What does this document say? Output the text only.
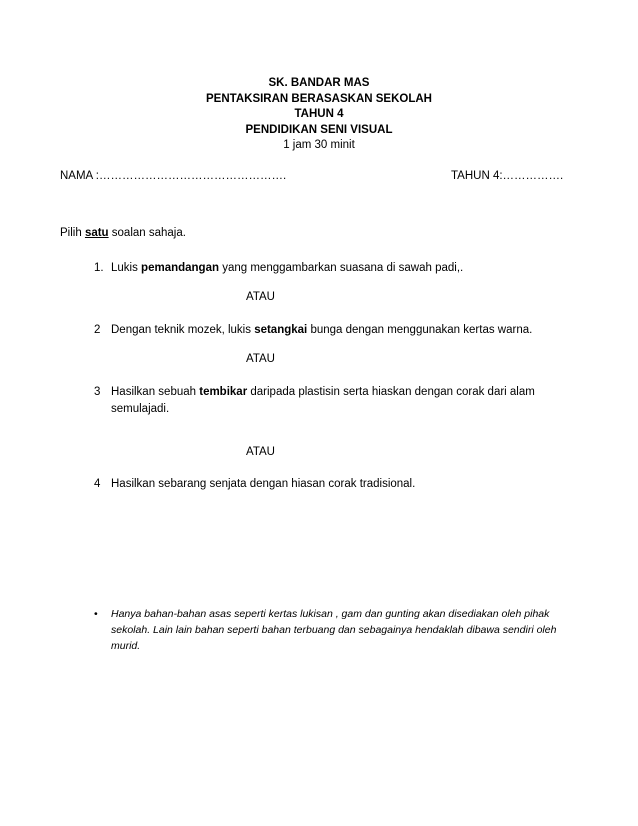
SK. BANDAR MAS
PENTAKSIRAN BERASASKAN SEKOLAH
TAHUN 4
PENDIDIKAN SENI VISUAL
1 jam 30 minit
NAMA :………………………………………….	TAHUN 4:…………….
Pilih satu soalan sahaja.
1. Lukis pemandangan yang menggambarkan suasana di sawah padi,.
ATAU
2 Dengan teknik mozek, lukis setangkai bunga dengan menggunakan kertas warna.
ATAU
3 Hasilkan sebuah tembikar daripada plastisin serta hiaskan dengan corak dari alam semulajadi.
ATAU
4 Hasilkan sebarang senjata dengan hiasan corak tradisional.
• Hanya bahan-bahan asas seperti kertas lukisan , gam dan gunting akan disediakan oleh pihak sekolah. Lain lain bahan seperti bahan terbuang dan sebagainya hendaklah dibawa sendiri oleh murid.
